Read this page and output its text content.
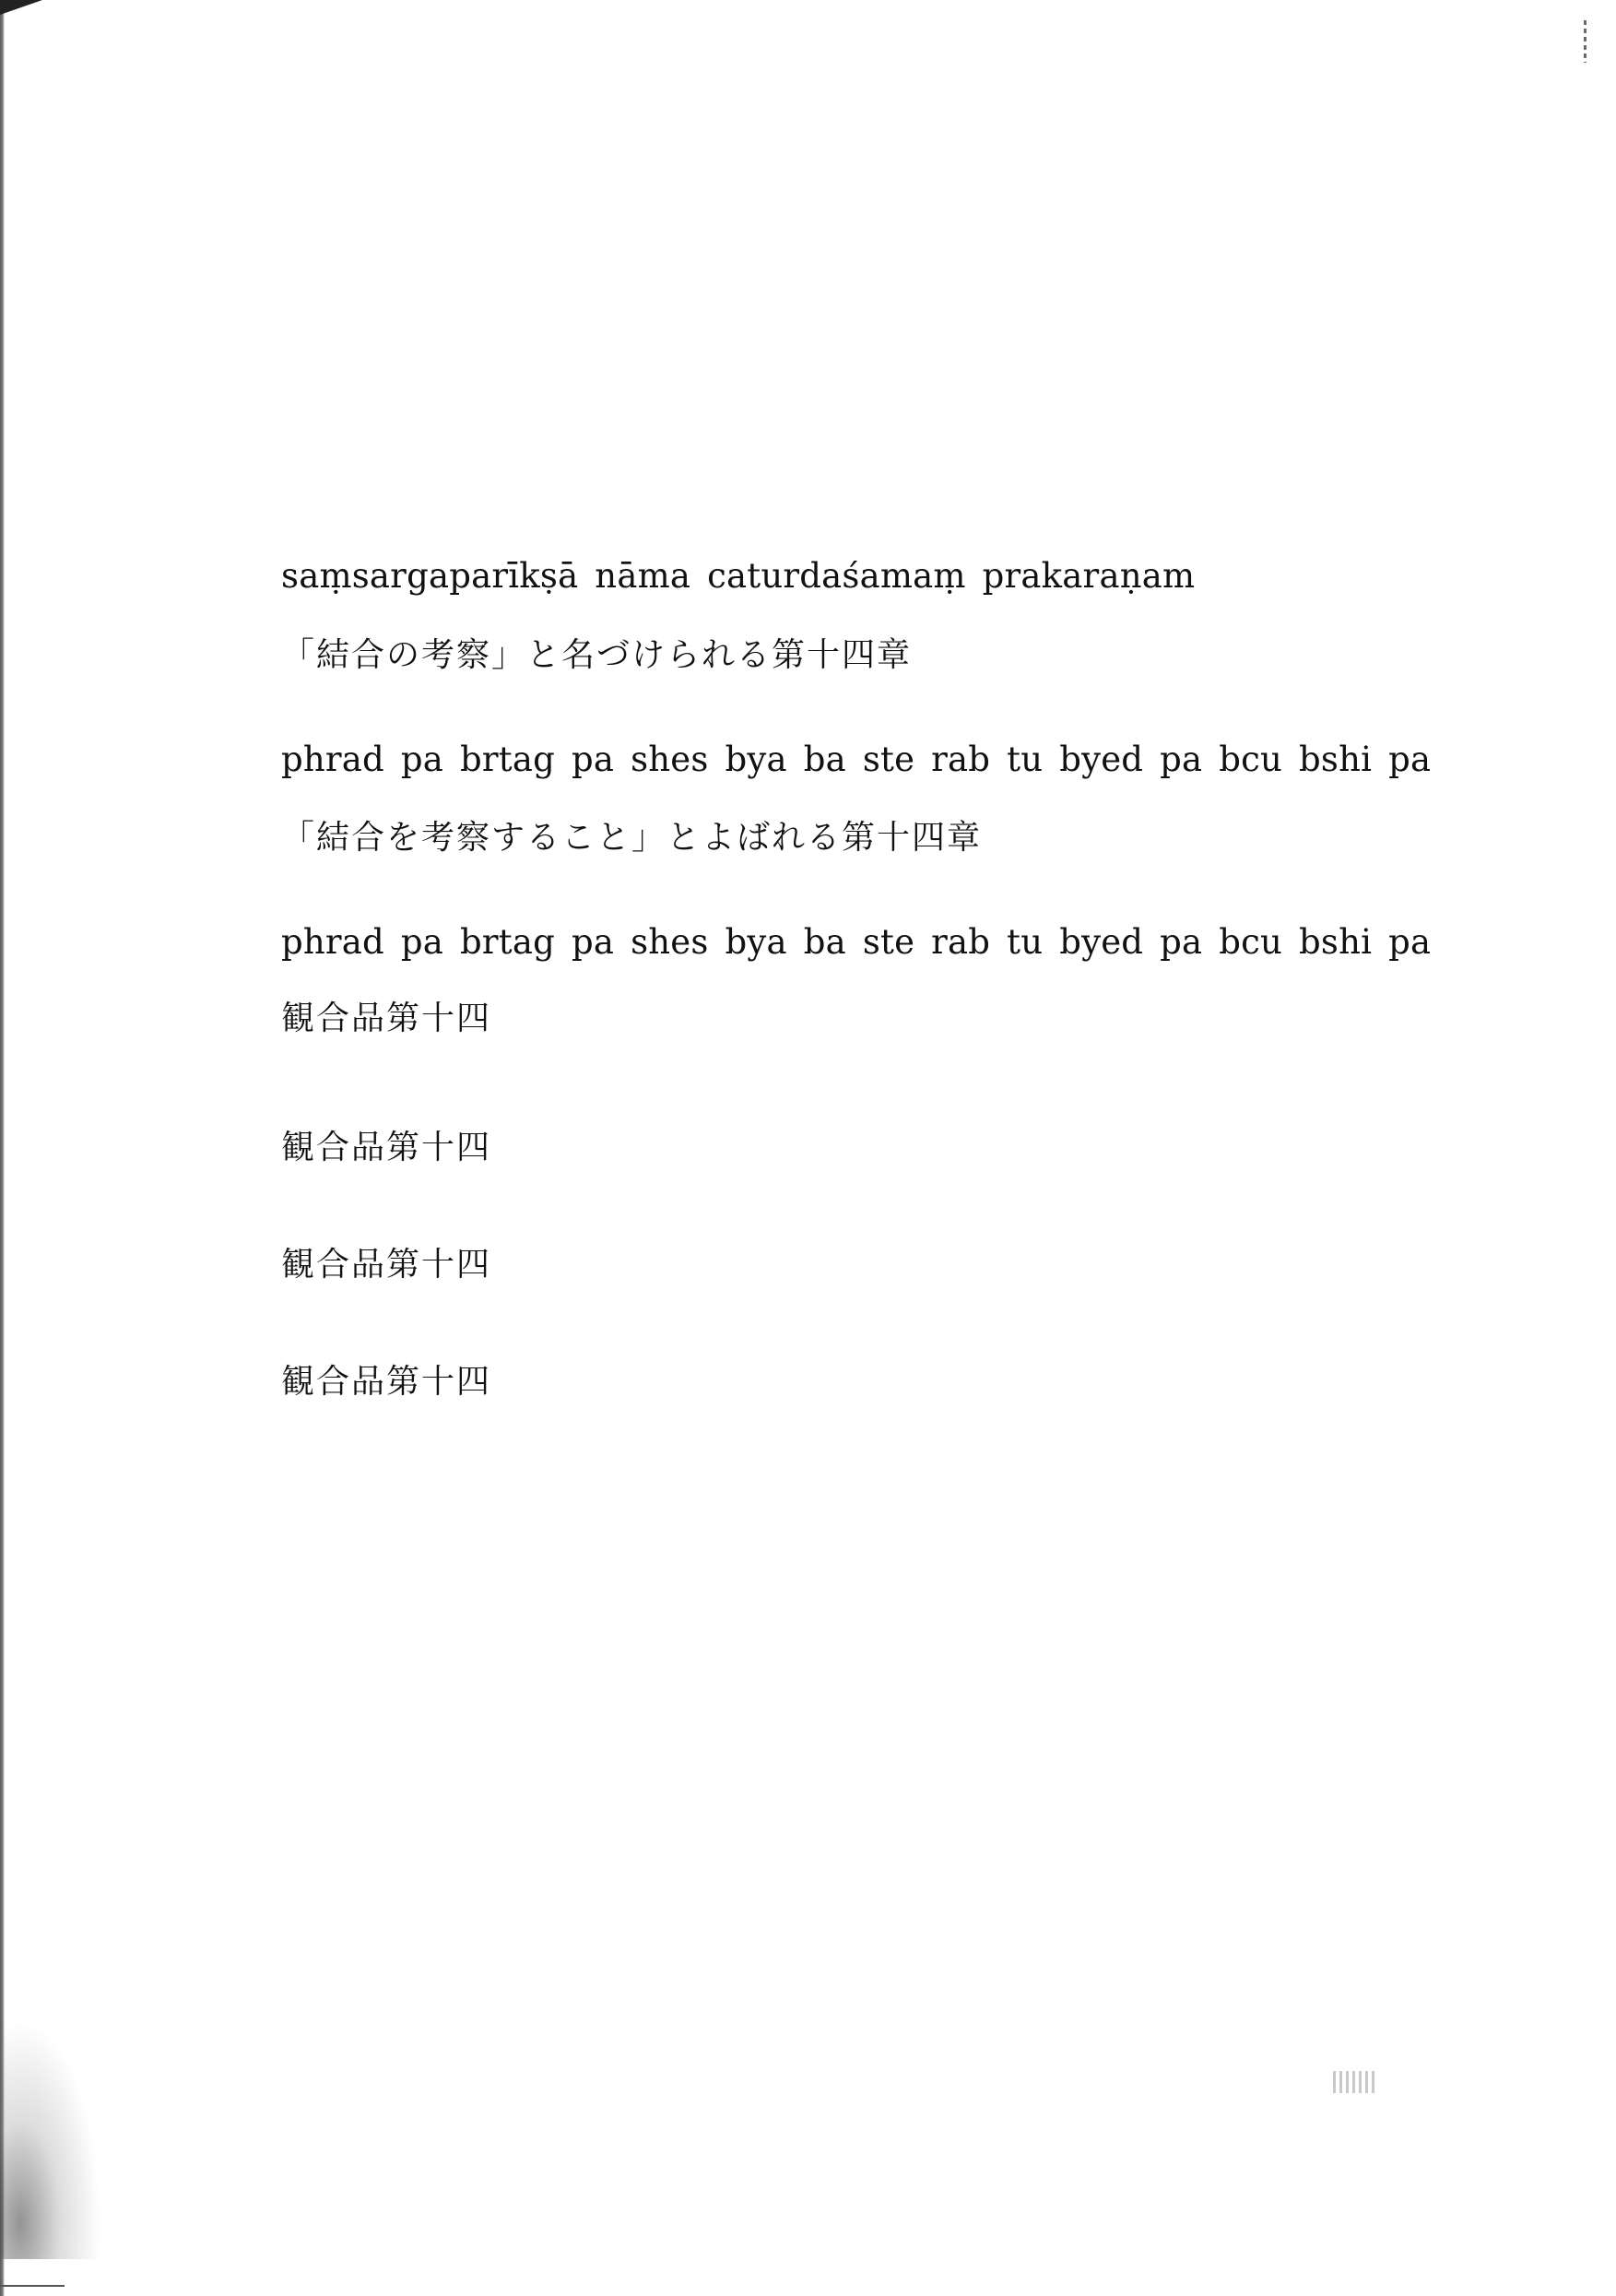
saṃsargaparīkṣā nāma caturdaśamaṃ prakaraṇam

「結合の考察」と名づけられる第十四章

phrad pa brtag pa shes bya ba ste rab tu byed pa bcu bshi pa

「結合を考察すること」とよばれる第十四章

phrad pa brtag pa shes bya ba ste rab tu byed pa bcu bshi pa

観合品第十四

観合品第十四

観合品第十四

観合品第十四
